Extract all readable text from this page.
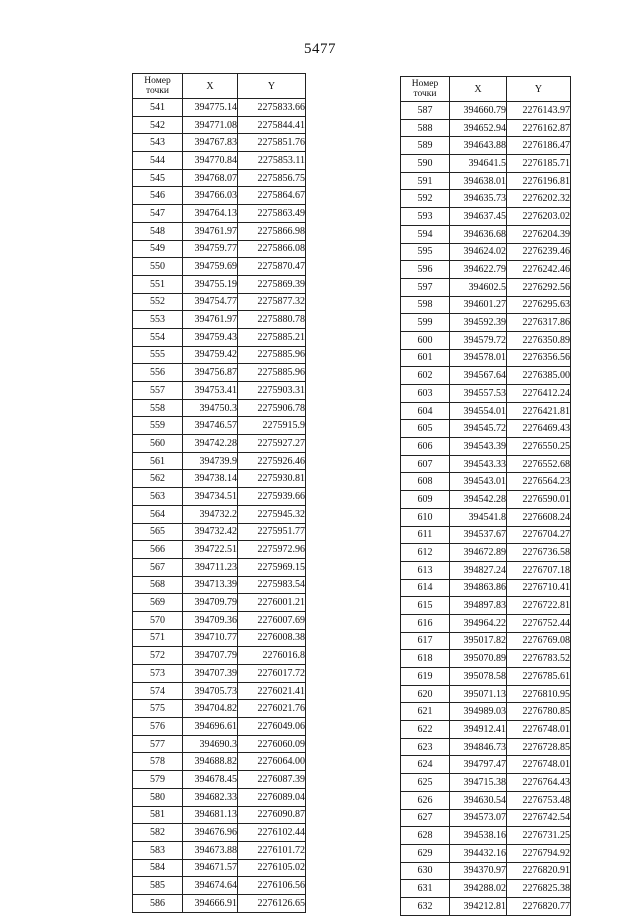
5477
Номер
точки	X	Y
541	394775.14	2275833.66
542	394771.08	2275844.41
543	394767.83	2275851.76
544	394770.84	2275853.11
545	394768.07	2275856.75
546	394766.03	2275864.67
547	394764.13	2275863.49
548	394761.97	2275866.98
549	394759.77	2275866.08
550	394759.69	2275870.47
551	394755.19	2275869.39
552	394754.77	2275877.32
553	394761.97	2275880.78
554	394759.43	2275885.21
555	394759.42	2275885.96
556	394756.87	2275885.96
557	394753.41	2275903.31
558	394750.3	2275906.78
559	394746.57	2275915.9
560	394742.28	2275927.27
561	394739.9	2275926.46
562	394738.14	2275930.81
563	394734.51	2275939.66
564	394732.2	2275945.32
565	394732.42	2275951.77
566	394722.51	2275972.96
567	394711.23	2275969.15
568	394713.39	2275983.54
569	394709.79	2276001.21
570	394709.36	2276007.69
571	394710.77	2276008.38
572	394707.79	2276016.8
573	394707.39	2276017.72
574	394705.73	2276021.41
575	394704.82	2276021.76
576	394696.61	2276049.06
577	394690.3	2276060.09
578	394688.82	2276064.00
579	394678.45	2276087.39
580	394682.33	2276089.04
581	394681.13	2276090.87
582	394676.96	2276102.44
583	394673.88	2276101.72
584	394671.57	2276105.02
585	394674.64	2276106.56
586	394666.91	2276126.65
Номер
точки	X	Y
587	394660.79	2276143.97
588	394652.94	2276162.87
589	394643.88	2276186.47
590	394641.5	2276185.71
591	394638.01	2276196.81
592	394635.73	2276202.32
593	394637.45	2276203.02
594	394636.68	2276204.39
595	394624.02	2276239.46
596	394622.79	2276242.46
597	394602.5	2276292.56
598	394601.27	2276295.63
599	394592.39	2276317.86
600	394579.72	2276350.89
601	394578.01	2276356.56
602	394567.64	2276385.00
603	394557.53	2276412.24
604	394554.01	2276421.81
605	394545.72	2276469.43
606	394543.39	2276550.25
607	394543.33	2276552.68
608	394543.01	2276564.23
609	394542.28	2276590.01
610	394541.8	2276608.24
611	394537.67	2276704.27
612	394672.89	2276736.58
613	394827.24	2276707.18
614	394863.86	2276710.41
615	394897.83	2276722.81
616	394964.22	2276752.44
617	395017.82	2276769.08
618	395070.89	2276783.52
619	395078.58	2276785.61
620	395071.13	2276810.95
621	394989.03	2276780.85
622	394912.41	2276748.01
623	394846.73	2276728.85
624	394797.47	2276748.01
625	394715.38	2276764.43
626	394630.54	2276753.48
627	394573.07	2276742.54
628	394538.16	2276731.25
629	394432.16	2276794.92
630	394370.97	2276820.91
631	394288.02	2276825.38
632	394212.81	2276820.77
